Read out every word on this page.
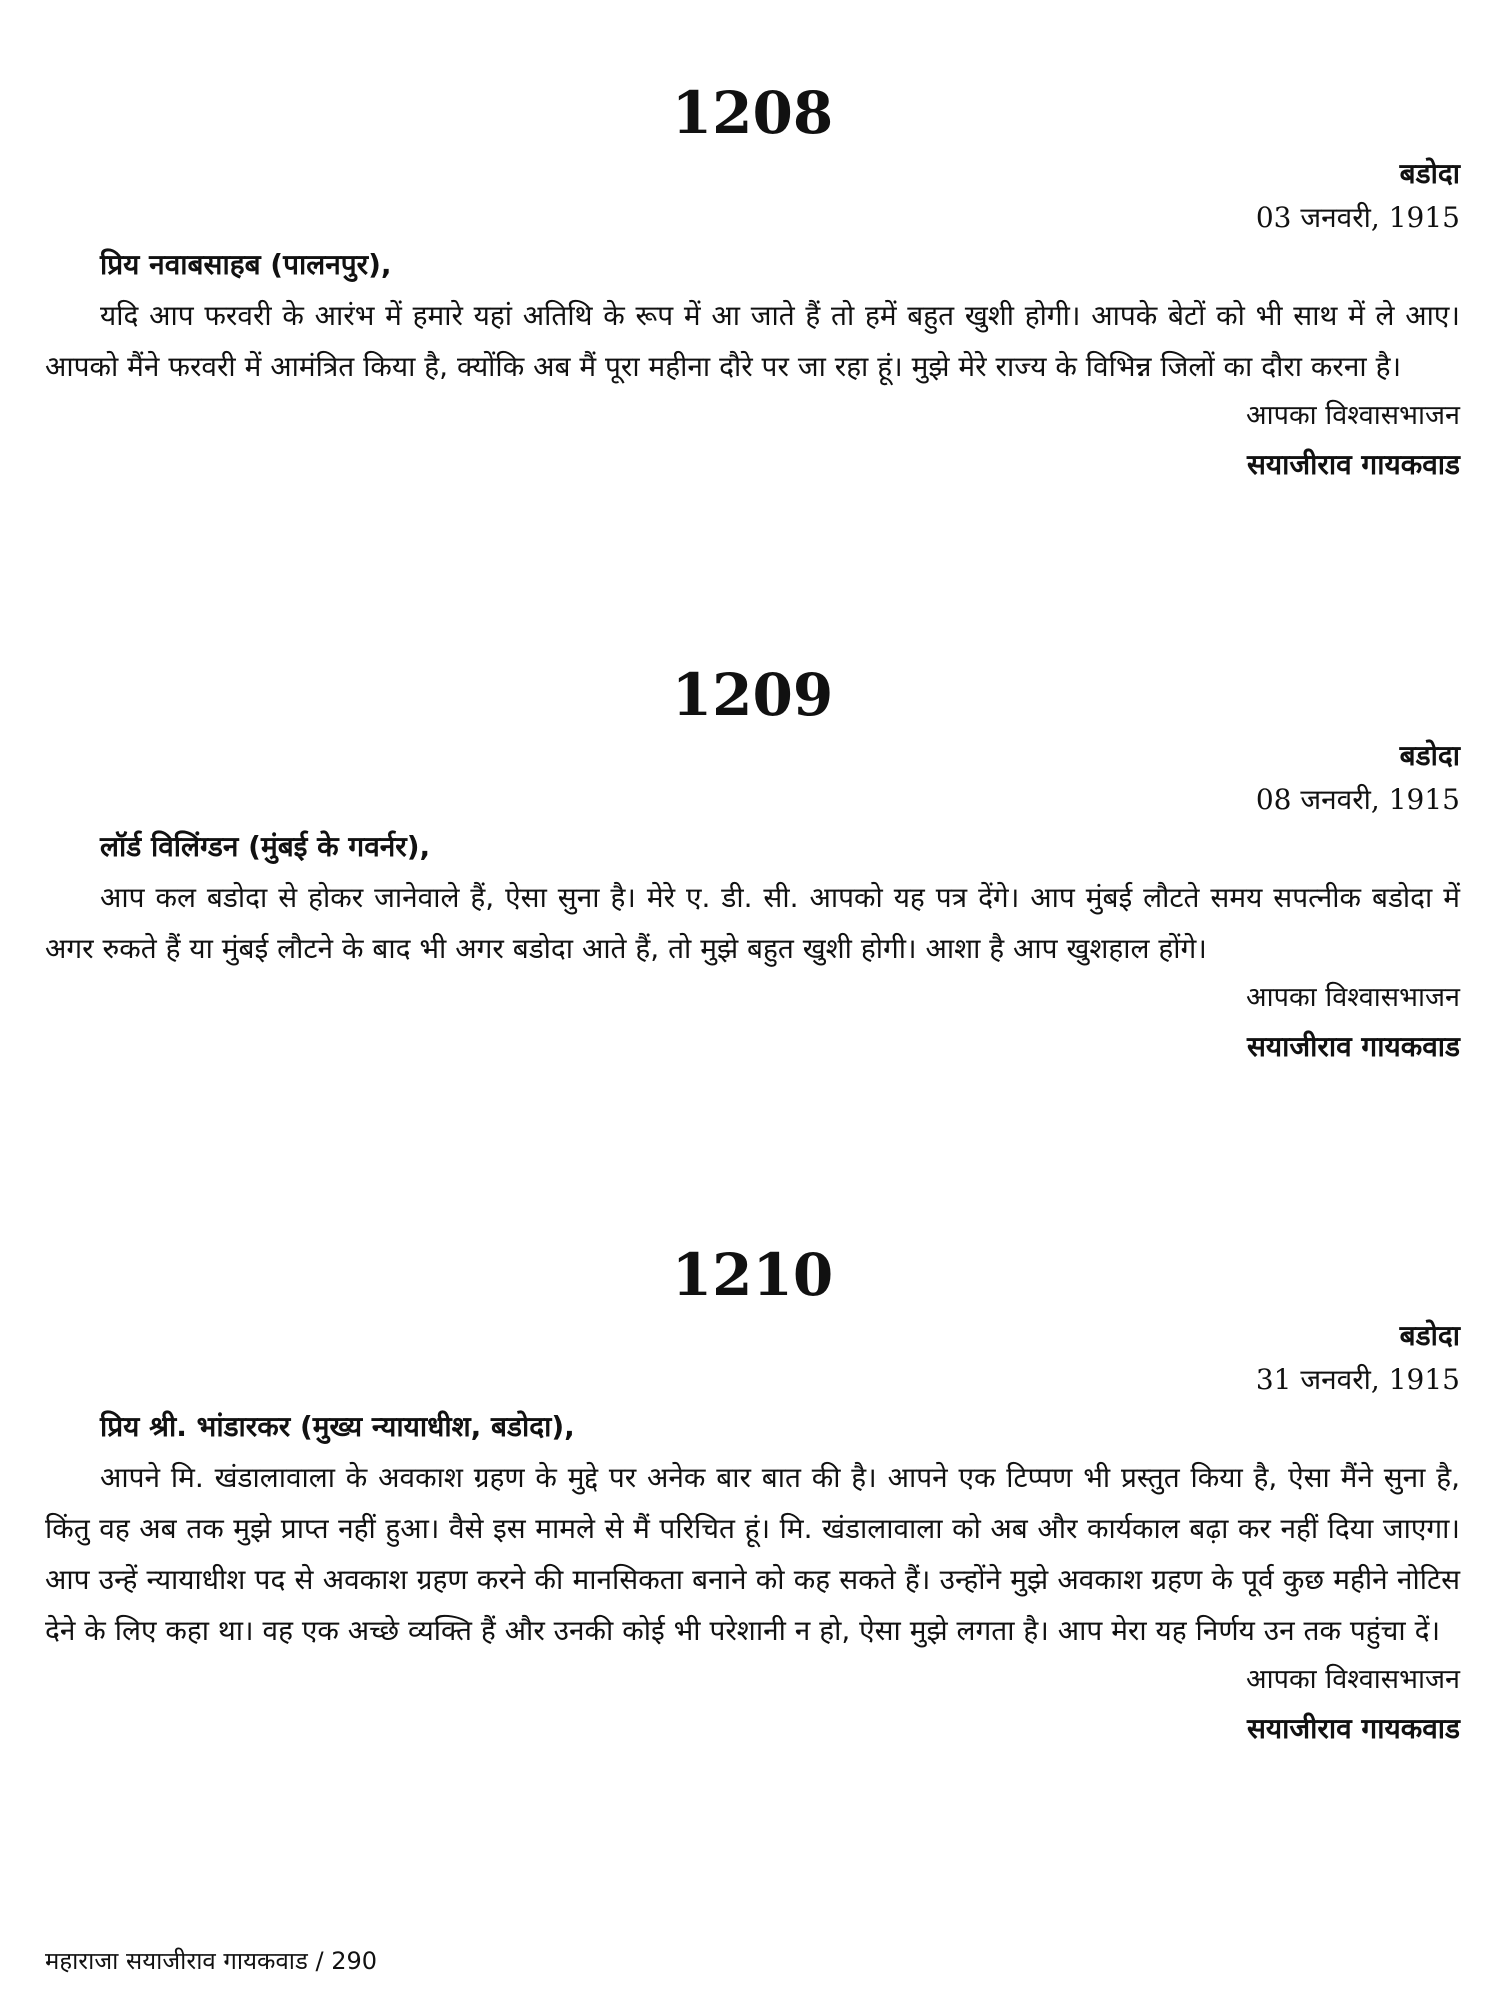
1208
बडोदा
03 जनवरी, 1915
प्रिय नवाबसाहब (पालनपुर),

यदि आप फरवरी के आरंभ में हमारे यहां अतिथि के रूप में आ जाते हैं तो हमें बहुत खुशी होगी। आपके बेटों को भी साथ में ले आए। आपको मैंने फरवरी में आमंत्रित किया है, क्योंकि अब मैं पूरा महीना दौरे पर जा रहा हूं। मुझे मेरे राज्य के विभिन्न जिलों का दौरा करना है।

आपका विश्वासभाजन
सयाजीराव गायकवाड
1209
बडोदा
08 जनवरी, 1915
लॉर्ड विलिंग्डन (मुंबई के गवर्नर),

आप कल बडोदा से होकर जानेवाले हैं, ऐसा सुना है। मेरे ए. डी. सी. आपको यह पत्र देंगे। आप मुंबई लौटते समय सपत्नीक बडोदा में अगर रुकते हैं या मुंबई लौटने के बाद भी अगर बडोदा आते हैं, तो मुझे बहुत खुशी होगी। आशा है आप खुशहाल होंगे।

आपका विश्वासभाजन
सयाजीराव गायकवाड
1210
बडोदा
31 जनवरी, 1915
प्रिय श्री. भांडारकर (मुख्य न्यायाधीश, बडोदा),

आपने मि. खंडालावाला के अवकाश ग्रहण के मुद्दे पर अनेक बार बात की है। आपने एक टिप्पण भी प्रस्तुत किया है, ऐसा मैंने सुना है, किंतु वह अब तक मुझे प्राप्त नहीं हुआ। वैसे इस मामले से मैं परिचित हूं। मि. खंडालावाला को अब और कार्यकाल बढ़ा कर नहीं दिया जाएगा। आप उन्हें न्यायाधीश पद से अवकाश ग्रहण करने की मानसिकता बनाने को कह सकते हैं। उन्होंने मुझे अवकाश ग्रहण के पूर्व कुछ महीने नोटिस देने के लिए कहा था। वह एक अच्छे व्यक्ति हैं और उनकी कोई भी परेशानी न हो, ऐसा मुझे लगता है। आप मेरा यह निर्णय उन तक पहुंचा दें।

आपका विश्वासभाजन
सयाजीराव गायकवाड
महाराजा सयाजीराव गायकवाड / 290
